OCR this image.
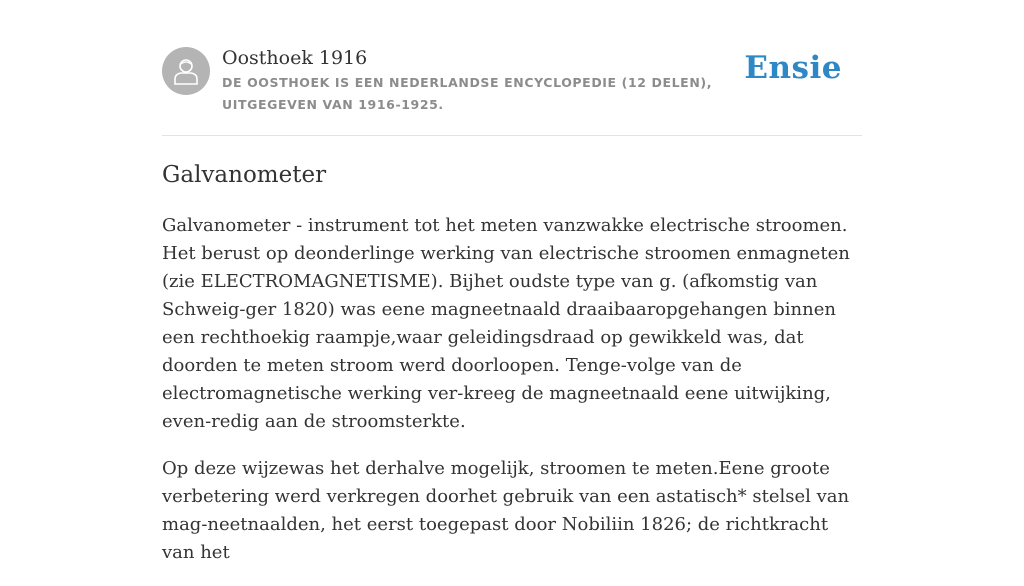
Oosthoek 1916
DE OOSTHOEK IS EEN NEDERLANDSE ENCYCLOPEDIE (12 DELEN), UITGEGEVEN VAN 1916-1925.
Ensie
Galvanometer

Galvanometer - instrument tot het meten vanzwakke electrische stroomen. Het berust op deonderlinge werking van electrische stroomen enmagneten (zie ELECTROMAGNETISME). Bijhet oudste type van g. (afkomstig van Schweig-ger 1820) was eene magneetnaald draaibaaropgehangen binnen een rechthoekig raampje,waar geleidingsdraad op gewikkeld was, dat doorden te meten stroom werd doorloopen. Tenge-volge van de electromagnetische werking ver-kreeg de magneetnaald eene uitwijking, even-redig aan de stroomsterkte.

Op deze wijzewas het derhalve mogelijk, stroomen te meten.Eene groote verbetering werd verkregen doorhet gebruik van een astatisch* stelsel van mag-neetnaalden, het eerst toegepast door Nobiliin 1826; de richtkracht van het
